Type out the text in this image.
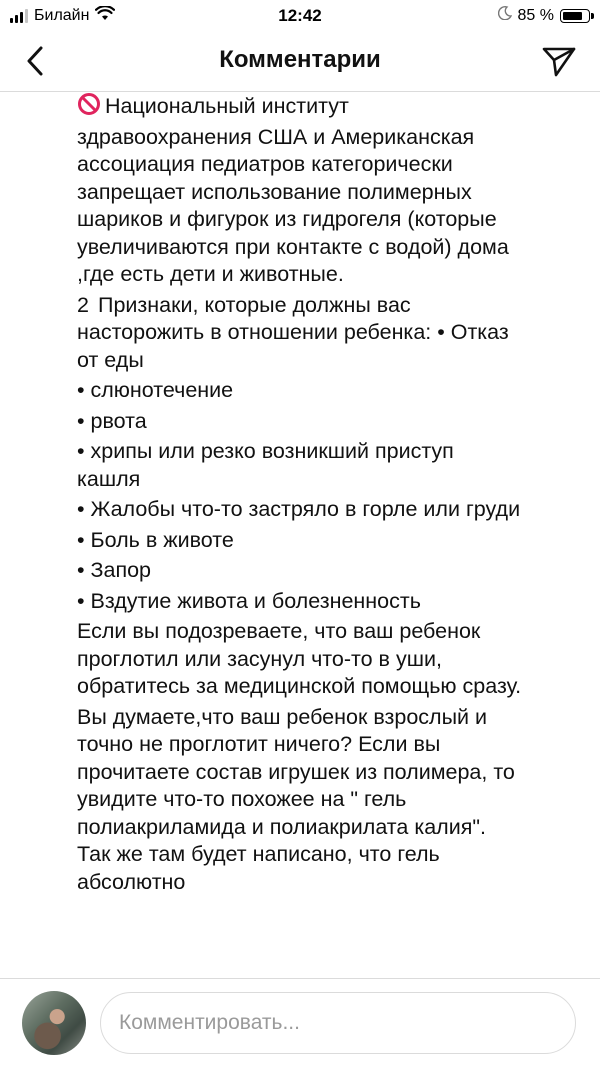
Билайн	12:42	85 %
Комментарии

Национальный институт здравоохранения США и Американская ассоциация педиатров категорически запрещает использование полимерных шариков и фигурок из гидрогеля (которые увеличиваются при контакте с водой) дома ,где есть дети и животные.

2 Признаки, которые должны вас насторожить в отношении ребенка: • Отказ от еды

• слюнотечение

• рвота

• хрипы или резко возникший приступ кашля

• Жалобы что-то застряло в горле или груди

• Боль в животе

• Запор

• Вздутие живота и болезненность

Если вы подозреваете, что ваш ребенок проглотил или засунул что-то в уши, обратитесь за медицинской помощью сразу.

Вы думаете,что ваш ребенок взрослый и точно не проглотит ничего? Если вы прочитаете состав игрушек из полимера, то увидите что-то похожее на " гель полиакриламида и полиакрилата калия". Так же там будет написано, что гель абсолютно

Комментировать...
